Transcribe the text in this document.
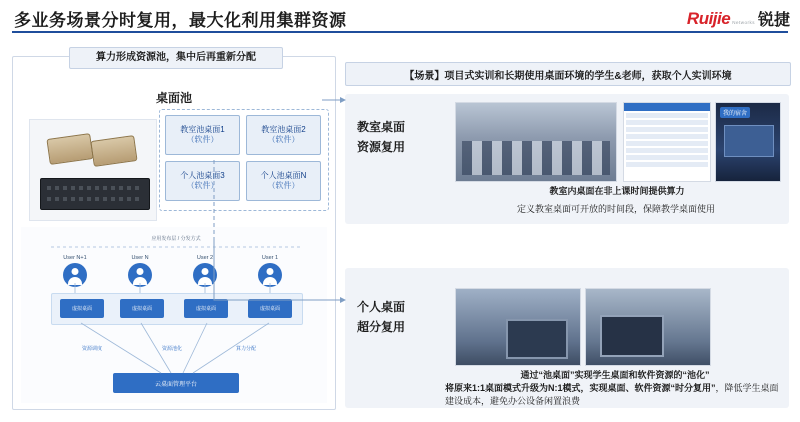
多业务场景分时复用，最大化利用集群资源	Ruijie Networks 锐捷
算力形成资源池，集中后再重新分配
桌面池
教室池桌面1
（软件）
教室池桌面2
（软件）
个人池桌面3
（软件）
个人池桌面N
（软件）
应用发布层 / 分发方式
User N+1	User N	User 2	User 1
虚拟桌面	虚拟桌面	虚拟桌面	虚拟桌面
资源调度	资源池化	算力分配
云桌面管理平台
【场景】项目式实训和长期使用桌面环境的学生&老师，获取个人实训环境
教室桌面
资源复用
我的宿舍
教室内桌面在非上课时间提供算力
定义教室桌面可开放的时间段，保障教学桌面使用
个人桌面
超分复用
通过“池桌面”实现学生桌面和软件资源的“池化”
将原来1:1桌面模式升级为N:1模式，实现桌面、软件资源“时分复用”，降低学生桌面建设成本，避免办公设备闲置浪费
